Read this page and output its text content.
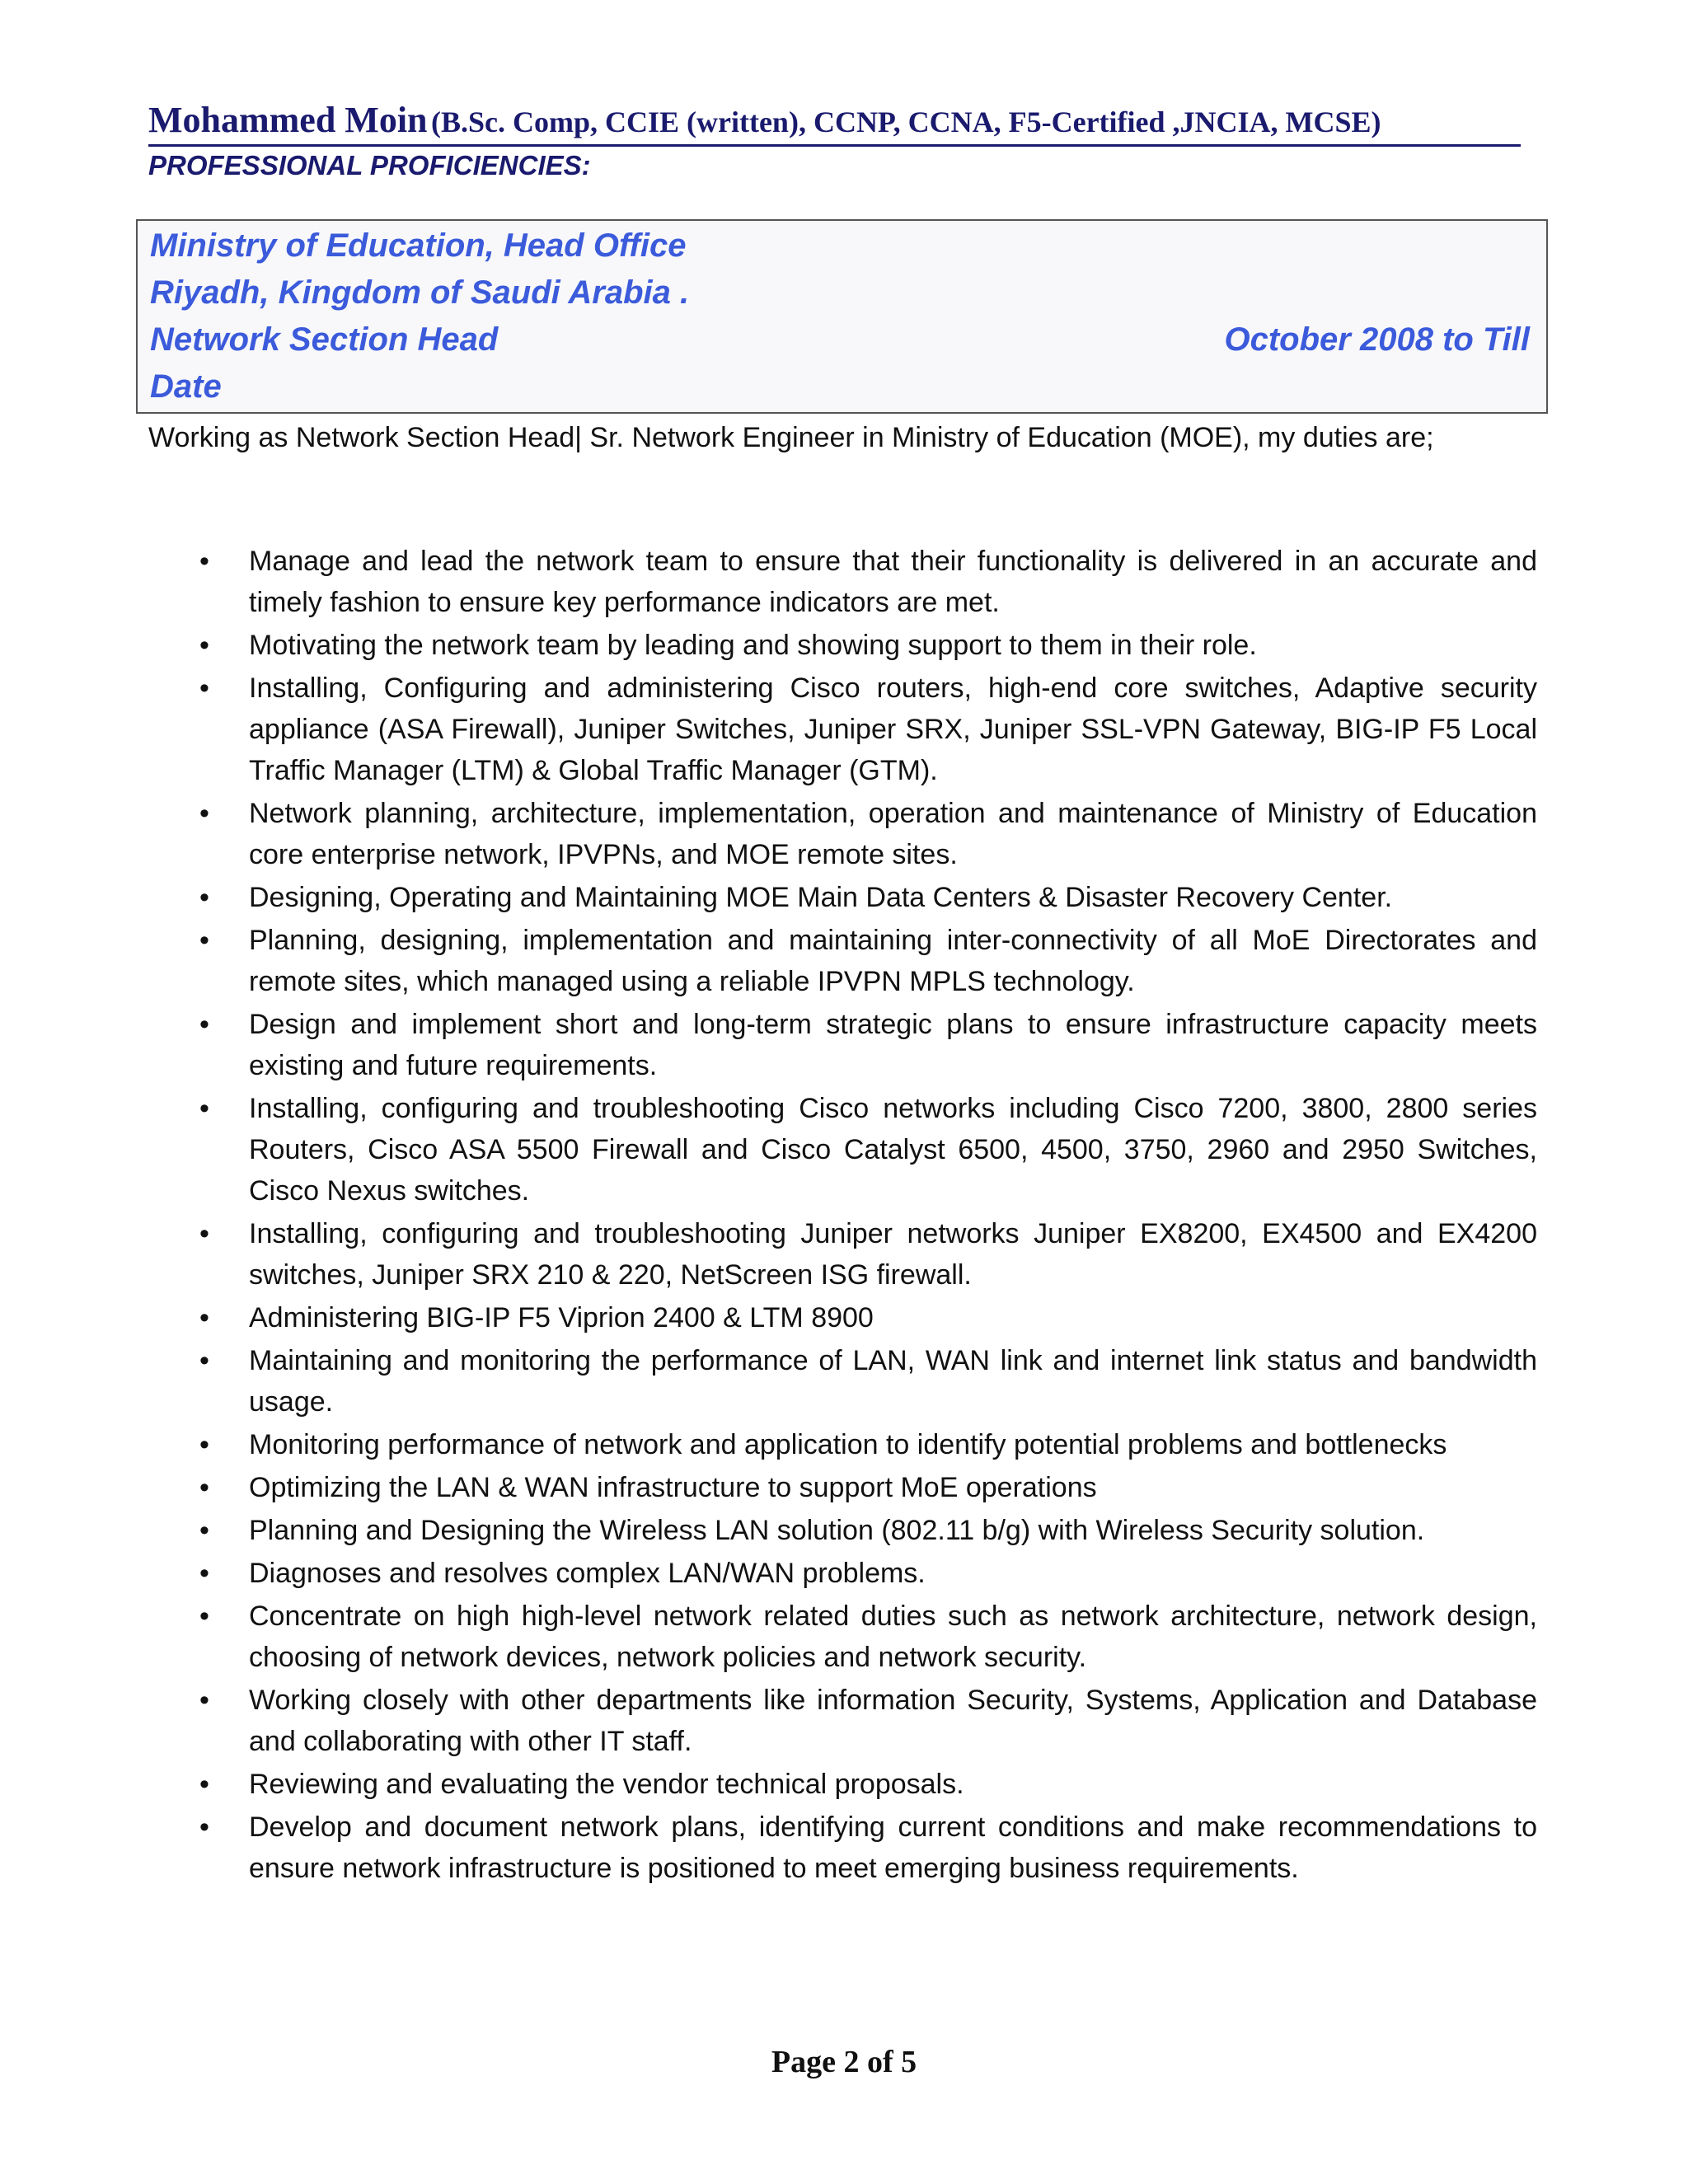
Mohammed Moin (B.Sc. Comp, CCIE (written), CCNP, CCNA, F5-Certified ,JNCIA, MCSE)
PROFESSIONAL PROFICIENCIES:
Ministry of Education, Head Office
Riyadh, Kingdom of Saudi Arabia .
Network Section Head	October 2008 to Till
Date
Working as Network Section Head| Sr. Network Engineer in Ministry of Education (MOE), my duties are;
• Manage and lead the network team to ensure that their functionality is delivered in an accurate and timely fashion to ensure key performance indicators are met.
• Motivating the network team by leading and showing support to them in their role.
• Installing, Configuring and administering Cisco routers, high-end core switches, Adaptive security appliance (ASA Firewall), Juniper Switches, Juniper SRX, Juniper SSL-VPN Gateway, BIG-IP F5 Local Traffic Manager (LTM) & Global Traffic Manager (GTM).
• Network planning, architecture, implementation, operation and maintenance of Ministry of Education core enterprise network, IPVPNs, and MOE remote sites.
• Designing, Operating and Maintaining MOE Main Data Centers & Disaster Recovery Center.
• Planning, designing, implementation and maintaining inter-connectivity of all MoE Directorates and remote sites, which managed using a reliable IPVPN MPLS technology.
• Design and implement short and long-term strategic plans to ensure infrastructure capacity meets existing and future requirements.
• Installing, configuring and troubleshooting Cisco networks including Cisco 7200, 3800, 2800 series Routers, Cisco ASA 5500 Firewall and Cisco Catalyst 6500, 4500, 3750, 2960 and 2950 Switches, Cisco Nexus switches.
• Installing, configuring and troubleshooting Juniper networks Juniper EX8200, EX4500 and EX4200 switches, Juniper SRX 210 & 220, NetScreen ISG firewall.
• Administering BIG-IP F5 Viprion 2400 & LTM 8900
• Maintaining and monitoring the performance of LAN, WAN link and internet link status and bandwidth usage.
• Monitoring performance of network and application to identify potential problems and bottlenecks
• Optimizing the LAN & WAN infrastructure to support MoE operations
• Planning and Designing the Wireless LAN solution (802.11 b/g) with Wireless Security solution.
• Diagnoses and resolves complex LAN/WAN problems.
• Concentrate on high high-level network related duties such as network architecture, network design, choosing of network devices, network policies and network security.
• Working closely with other departments like information Security, Systems, Application and Database and collaborating with other IT staff.
• Reviewing and evaluating the vendor technical proposals.
• Develop and document network plans, identifying current conditions and make recommendations to ensure network infrastructure is positioned to meet emerging business requirements.
Page 2 of 5
